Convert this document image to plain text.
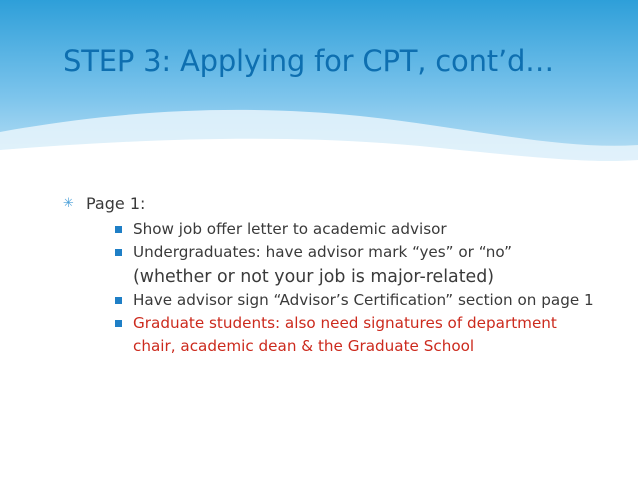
STEP 3: Applying for CPT, cont’d…
✳ Page 1:
Show job offer letter to academic advisor
Undergraduates: have advisor mark “yes” or “no”
(whether or not your job is major-related)
Have advisor sign “Advisor’s Certification” section on page 1
Graduate students: also need signatures of department chair, academic dean & the Graduate School
